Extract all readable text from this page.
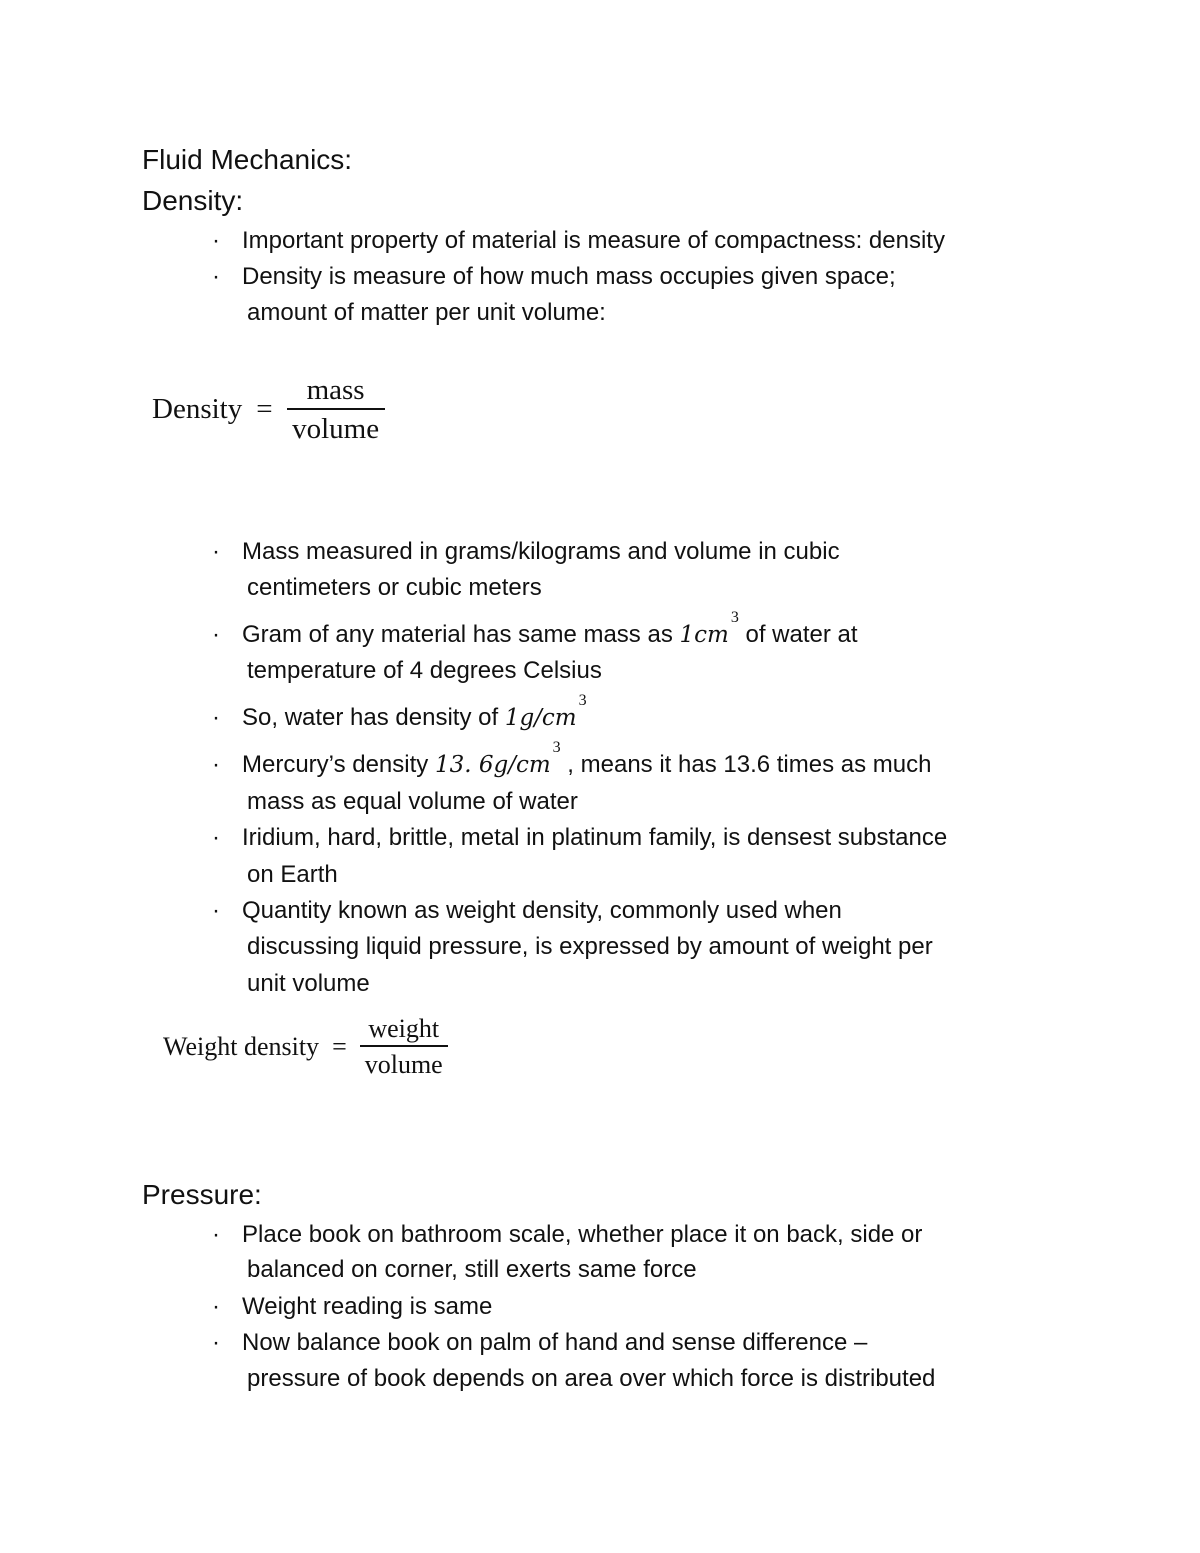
Fluid Mechanics:
Density:
· Important property of material is measure of compactness: density
· Density is measure of how much mass occupies given space;
amount of matter per unit volume:
Density = $\frac{\text{mass}}{\text{volume}}$
· Mass measured in grams/kilograms and volume in cubic
centimeters or cubic meters
· Gram of any material has same mass as $1cm^3$ of water at
temperature of 4 degrees Celsius
· So, water has density of $1g/cm^3$
· Mercury’s density 13. $6g/cm^3$ , means it has 13.6 times as much
mass as equal volume of water
· Iridium, hard, brittle, metal in platinum family, is densest substance
on Earth
· Quantity known as weight density, commonly used when
discussing liquid pressure, is expressed by amount of weight per
unit volume
Weight density = $\frac{\text{weight}}{\text{volume}}$
Pressure:
· Place book on bathroom scale, whether place it on back, side or
balanced on corner, still exerts same force
· Weight reading is same
· Now balance book on palm of hand and sense difference –
pressure of book depends on area over which force is distributed
